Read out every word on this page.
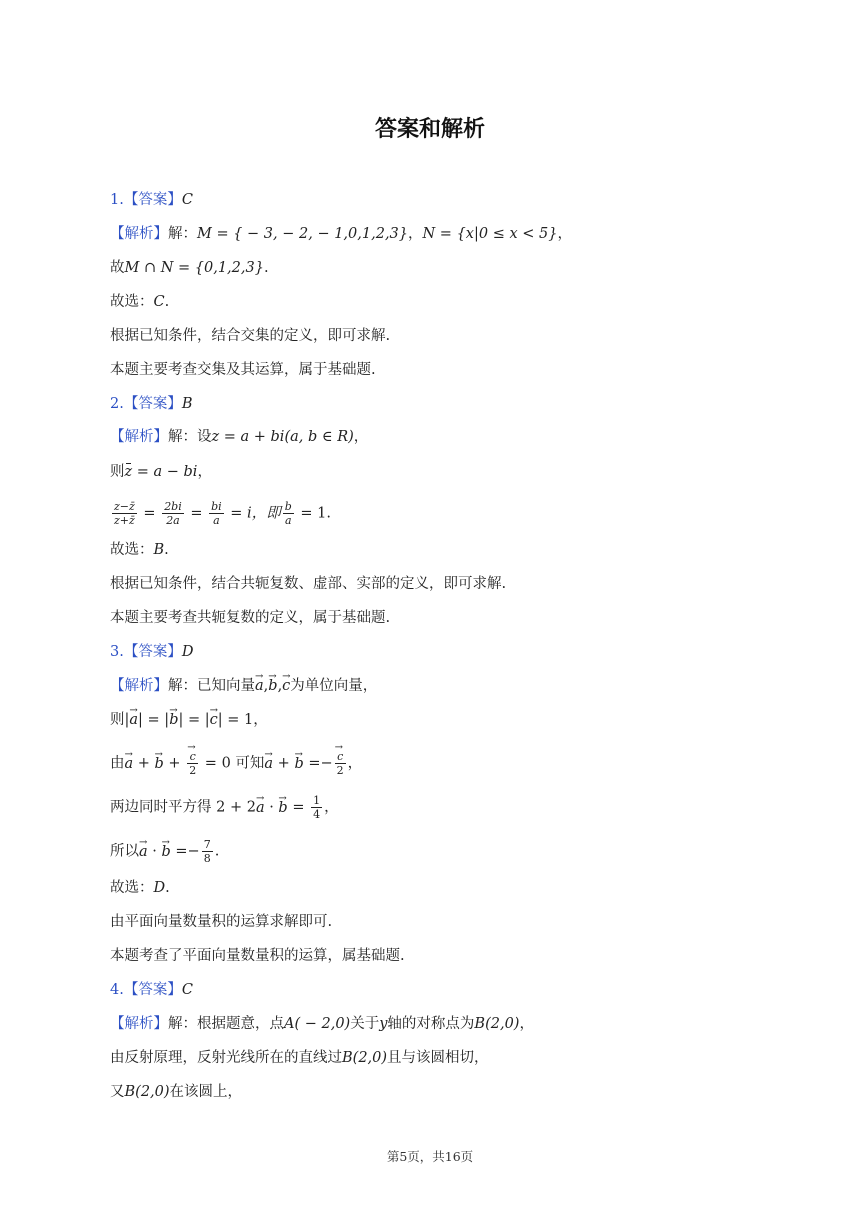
答案和解析
1.【答案】C
【解析】解：M = { − 3, − 2, − 1,0,1,2,3}，N = {x|0 ≤ x < 5}，
故M ∩ N = {0,1,2,3}.
故选：C.
根据已知条件，结合交集的定义，即可求解.
本题主要考查交集及其运算，属于基础题.
2.【答案】B
【解析】解：设z = a + bi(a, b ∈ R)，
则z = a − bi，
$\frac{z-z̄}{z+z̄} = \frac{2bi}{2a} = \frac{bi}{a} = i$，即 $\frac{b}{a} = 1$.
故选：B.
根据已知条件，结合共轭复数、虚部、实部的定义，即可求解.
本题主要考查共轭复数的定义，属于基础题.
3.【答案】D
【解析】解：已知向量→ a,→ b,→ c为单位向量，
则|→ a| = |→ b| = |→ c| = 1，
由→ a + → b + → $\frac{c}{2} = 0$ 可知→ a + → b =− → $\frac{c}{2}$ ，
两边同时平方得 2 + 2→ a · → $b = \frac{1}{4}$ ，
所以→ a · → $b =- \frac{7}{8}$ .
故选：D.
由平面向量数量积的运算求解即可.
本题考查了平面向量数量积的运算，属基础题.
4.【答案】C
【解析】解：根据题意，点A( − 2,0)关于y轴的对称点为B(2,0)，
由反射原理，反射光线所在的直线过B(2,0)且与该圆相切，
又B(2,0)在该圆上，
第5页，共16页
